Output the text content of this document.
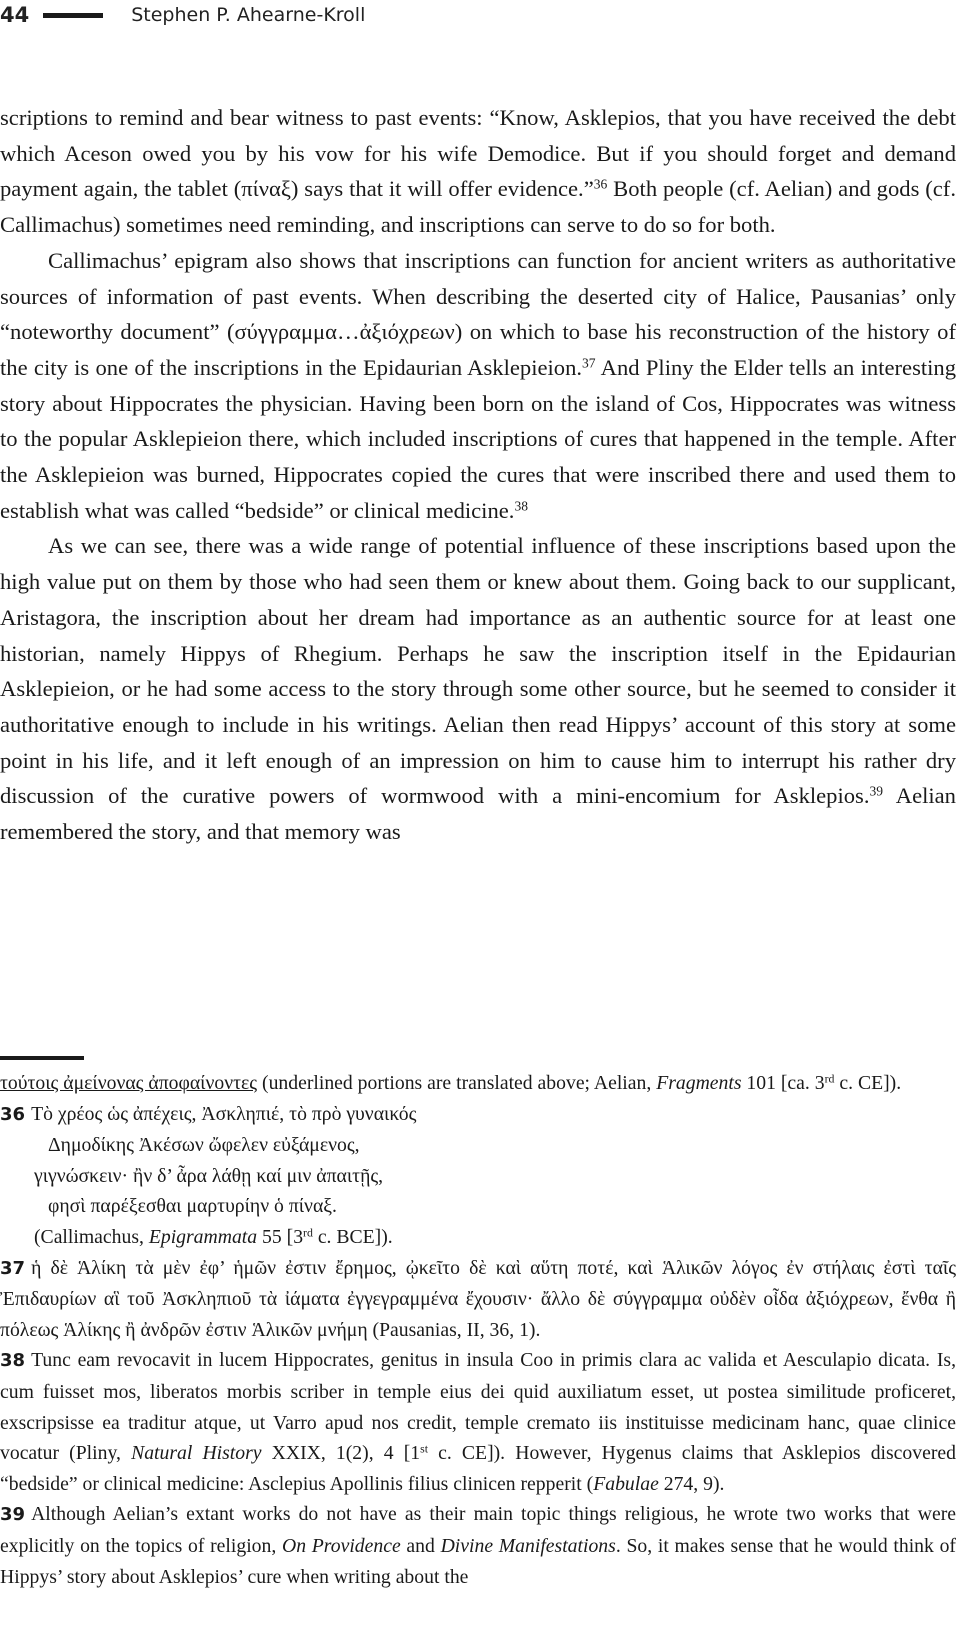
44	Stephen P. Ahearne-Kroll

scriptions to remind and bear witness to past events: “Know, Asklepios, that you have received the debt which Aceson owed you by his vow for his wife Demodice. But if you should forget and demand payment again, the tablet (πίναξ) says that it will offer evidence.”$^{36}$ Both people (cf. Aelian) and gods (cf. Callimachus) sometimes need reminding, and inscriptions can serve to do so for both.

Callimachus’ epigram also shows that inscriptions can function for ancient writers as authoritative sources of information of past events. When describing the deserted city of Halice, Pausanias’ only “noteworthy document” (σύγγραμμα…ἀξιόχρεων) on which to base his reconstruction of the history of the city is one of the inscriptions in the Epidaurian Asklepieion.$^{37}$ And Pliny the Elder tells an interesting story about Hippocrates the physician. Having been born on the island of Cos, Hippocrates was witness to the popular Asklepieion there, which included inscriptions of cures that happened in the temple. After the Asklepieion was burned, Hippocrates copied the cures that were inscribed there and used them to establish what was called “bedside” or clinical medicine.$^{38}$

As we can see, there was a wide range of potential influence of these inscriptions based upon the high value put on them by those who had seen them or knew about them. Going back to our supplicant, Aristagora, the inscription about her dream had importance as an authentic source for at least one historian, namely Hippys of Rhegium. Perhaps he saw the inscription itself in the Epidaurian Asklepieion, or he had some access to the story through some other source, but he seemed to consider it authoritative enough to include in his writings. Aelian then read Hippys’ account of this story at some point in his life, and it left enough of an impression on him to cause him to interrupt his rather dry discussion of the curative powers of wormwood with a mini-encomium for Asklepios.$^{39}$ Aelian remembered the story, and that memory was

τούτοις ἀμείνονας ἀποφαίνοντες (underlined portions are translated above; Aelian, Fragments 101 [ca. 3rd c. CE]).

36 Τὸ χρέος ὡς ἀπέχεις, Ἀσκληπιέ, τὸ πρὸ γυναικός

Δημοδίκης Ἀκέσων ὤφελεν εὐξάμενος,

γιγνώσκειν· ἢν δ’ ἆρα λάθῃ καί μιν ἀπαιτῇς,

φησὶ παρέξεσθαι μαρτυρίην ὁ πίναξ.

(Callimachus, Epigrammata 55 [3rd c. BCE]).

37 ἡ δὲ Ἁλίκη τὰ μὲν ἐφ’ ἡμῶν ἐστιν ἔρημος, ᾠκεῖτο δὲ καὶ αὕτη ποτέ, καὶ Ἁλικῶν λόγος ἐν στήλαις ἐστὶ ταῖς Ἐπιδαυρίων αἳ τοῦ Ἀσκληπιοῦ τὰ ἰάματα ἐγγεγραμμένα ἔχουσιν· ἄλλο δὲ σύγγραμμα οὐδὲν οἶδα ἀξιόχρεων, ἔνθα ἢ πόλεως Ἁλίκης ἢ ἀνδρῶν ἐστιν Ἁλικῶν μνήμη (Pausanias, II, 36, 1).

38 Tunc eam revocavit in lucem Hippocrates, genitus in insula Coo in primis clara ac valida et Aesculapio dicata. Is, cum fuisset mos, liberatos morbis scriber in temple eius dei quid auxiliatum esset, ut postea similitude proficeret, exscripsisse ea traditur atque, ut Varro apud nos credit, temple cremato iis instituisse medicinam hanc, quae clinice vocatur (Pliny, Natural History XXIX, 1(2), 4 [1st c. CE]). However, Hygenus claims that Asklepios discovered “bedside” or clinical medicine: Asclepius Apollinis filius clinicen repperit (Fabulae 274, 9).

39 Although Aelian’s extant works do not have as their main topic things religious, he wrote two works that were explicitly on the topics of religion, On Providence and Divine Manifestations. So, it makes sense that he would think of Hippys’ story about Asklepios’ cure when writing about the
